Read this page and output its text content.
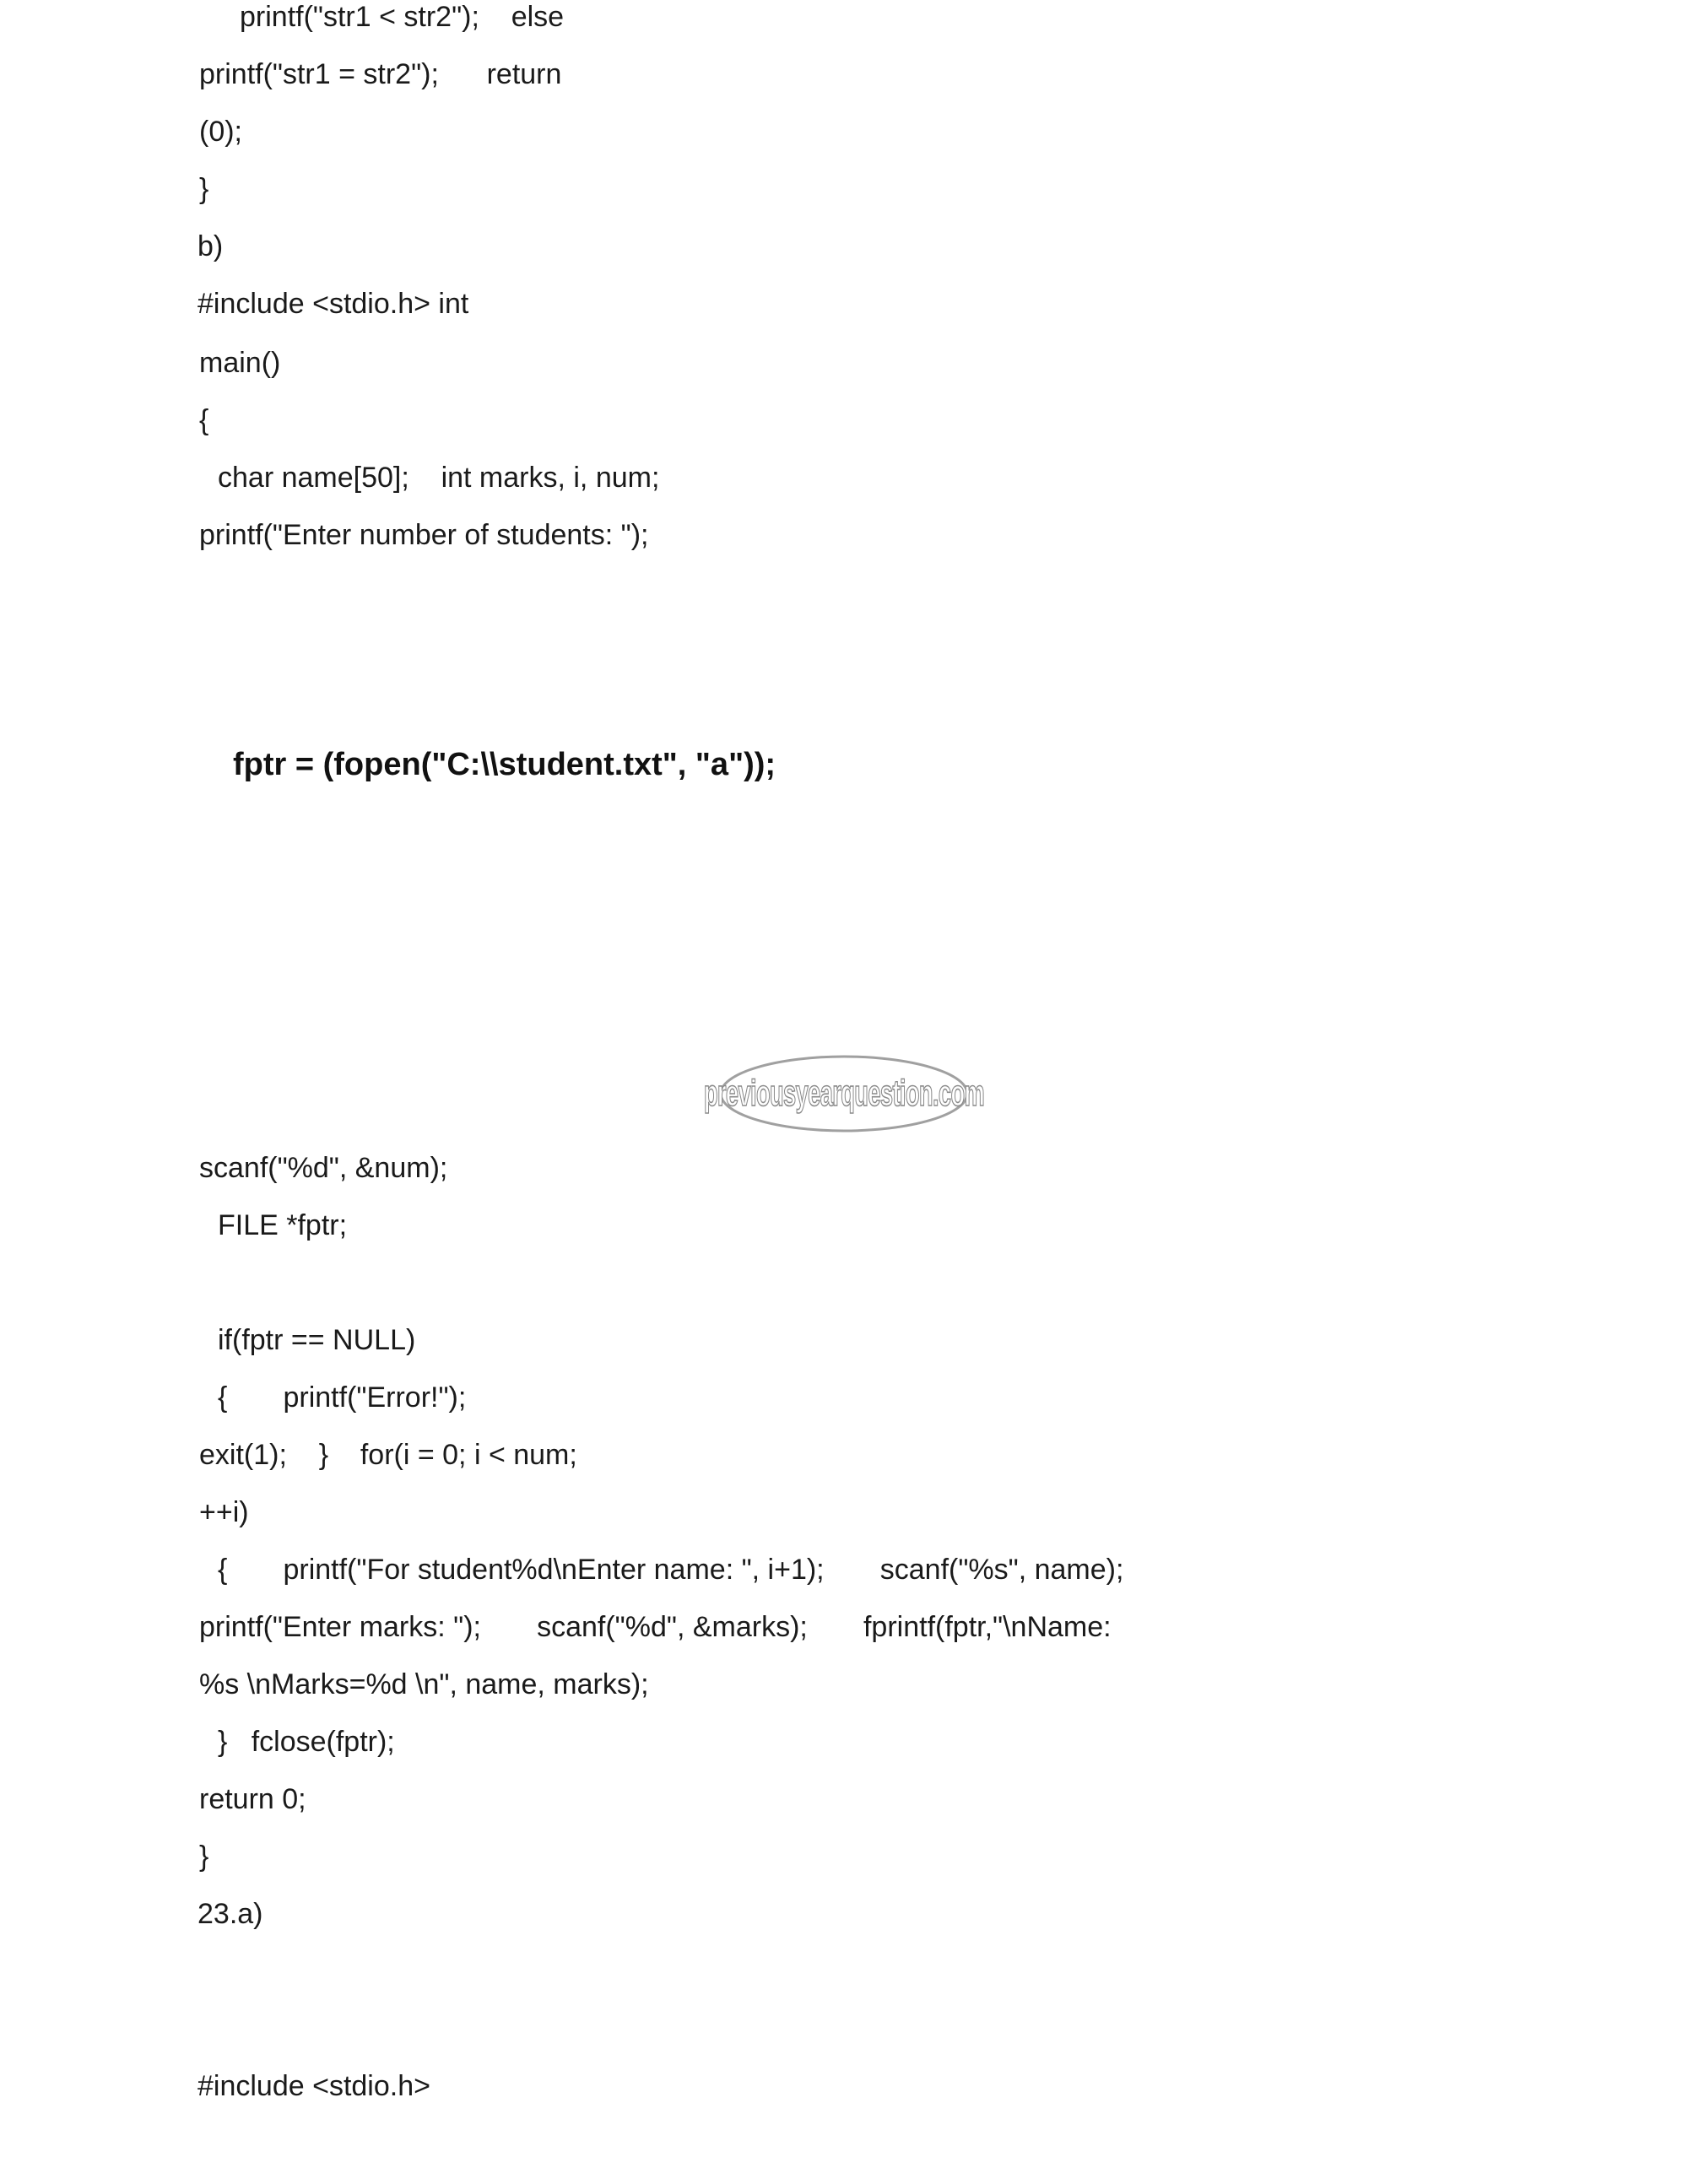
printf("str1 < str2");    else
printf("str1 = str2");      return
(0);
}
b)
#include <stdio.h> int
main()
{
char name[50];    int marks, i, num;
printf("Enter number of students: ");
fptr = (fopen("C:\\student.txt", "a"));
previousyearquestion.com
scanf("%d", &num);
FILE *fptr;
if(fptr == NULL)
{       printf("Error!");
exit(1);    }    for(i = 0; i < num;
++i)
{       printf("For student%d\nEnter name: ", i+1);       scanf("%s", name);
printf("Enter marks: ");       scanf("%d", &marks);       fprintf(fptr,"\nName:
%s \nMarks=%d \n", name, marks);
}   fclose(fptr);
return 0;
}
23.a)
#include <stdio.h>
